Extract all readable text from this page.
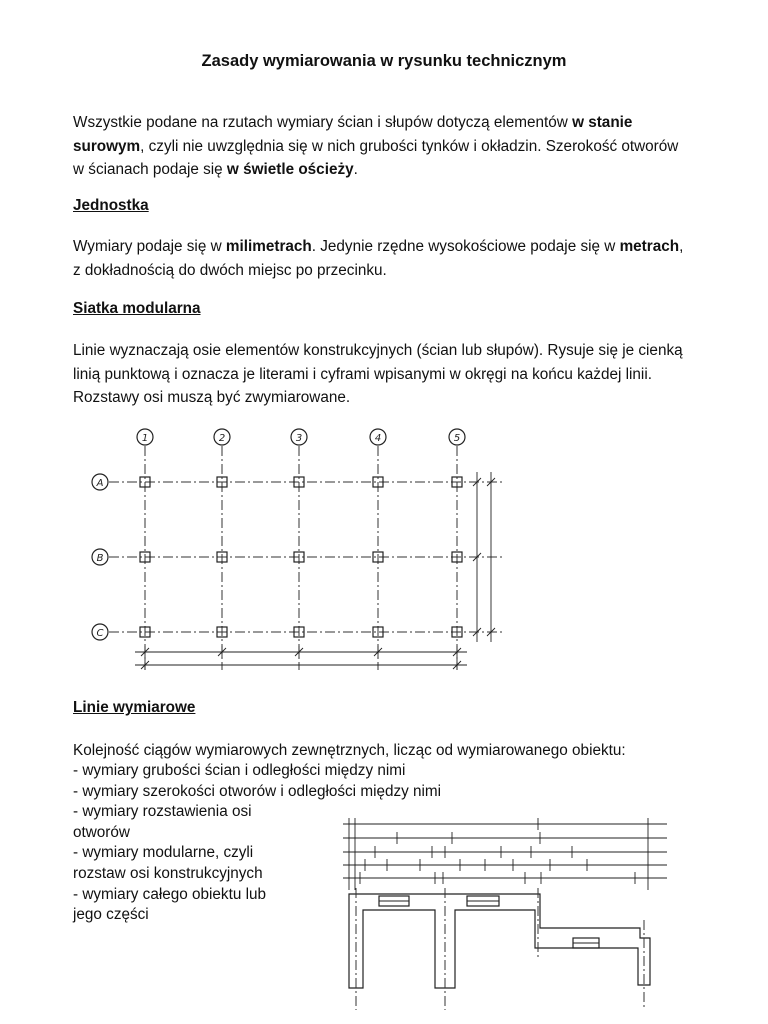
Zasady wymiarowania w rysunku technicznym
Wszystkie podane na rzutach wymiary ścian i słupów dotyczą elementów w stanie surowym, czyli nie uwzględnia się w nich grubości tynków i okładzin. Szerokość otworów w ścianach podaje się w świetle ościeży.
Jednostka
Wymiary podaje się w milimetrach. Jedynie rzędne wysokościowe podaje się w metrach, z dokładnością do dwóch miejsc po przecinku.
Siatka modularna
Linie wyznaczają osie elementów konstrukcyjnych (ścian lub słupów). Rysuje się je cienką linią punktową i oznacza je literami i cyframi wpisanymi w okręgi na końcu każdej linii. Rozstawy osi muszą być zwymiarowane.
1	2	3	4	5
A
B
C
Linie wymiarowe
Kolejność ciągów wymiarowych zewnętrznych, licząc od wymiarowanego obiektu:
- wymiary grubości ścian i odległości między nimi
- wymiary szerokości otworów i odległości między nimi
- wymiary rozstawienia osi
otworów
- wymiary modularne, czyli
rozstaw osi konstrukcyjnych
- wymiary całego obiektu lub
jego części
